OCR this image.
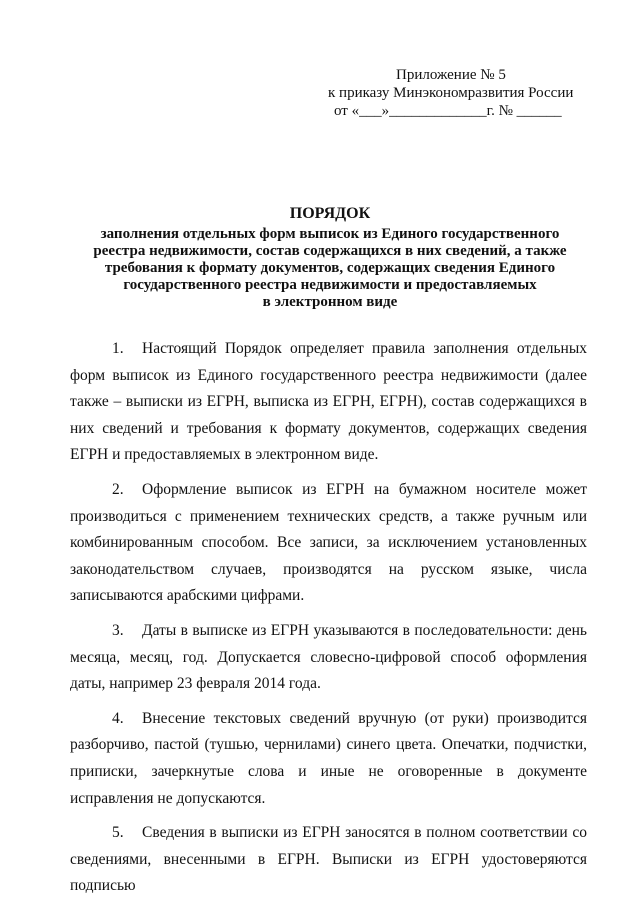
Приложение № 5
к приказу Минэкономразвития России
от «___»_____________г. № ______
ПОРЯДОК
заполнения отдельных форм выписок из Единого государственного
реестра недвижимости, состав содержащихся в них сведений, а также
требования к формату документов, содержащих сведения Единого
государственного реестра недвижимости и предоставляемых
в электронном виде

1. Настоящий Порядок определяет правила заполнения отдельных форм выписок из Единого государственного реестра недвижимости (далее также – выписки из ЕГРН, выписка из ЕГРН, ЕГРН), состав содержащихся в них сведений и требования к формату документов, содержащих сведения ЕГРН и предоставляемых в электронном виде.

2. Оформление выписок из ЕГРН на бумажном носителе может производиться с применением технических средств, а также ручным или комбинированным способом. Все записи, за исключением установленных законодательством случаев, производятся на русском языке, числа записываются арабскими цифрами.

3. Даты в выписке из ЕГРН указываются в последовательности: день месяца, месяц, год. Допускается словесно-цифровой способ оформления даты, например 23 февраля 2014 года.

4. Внесение текстовых сведений вручную (от руки) производится разборчиво, пастой (тушью, чернилами) синего цвета. Опечатки, подчистки, приписки, зачеркнутые слова и иные не оговоренные в документе исправления не допускаются.

5. Сведения в выписки из ЕГРН заносятся в полном соответствии со сведениями, внесенными в ЕГРН. Выписки из ЕГРН удостоверяются подписью
